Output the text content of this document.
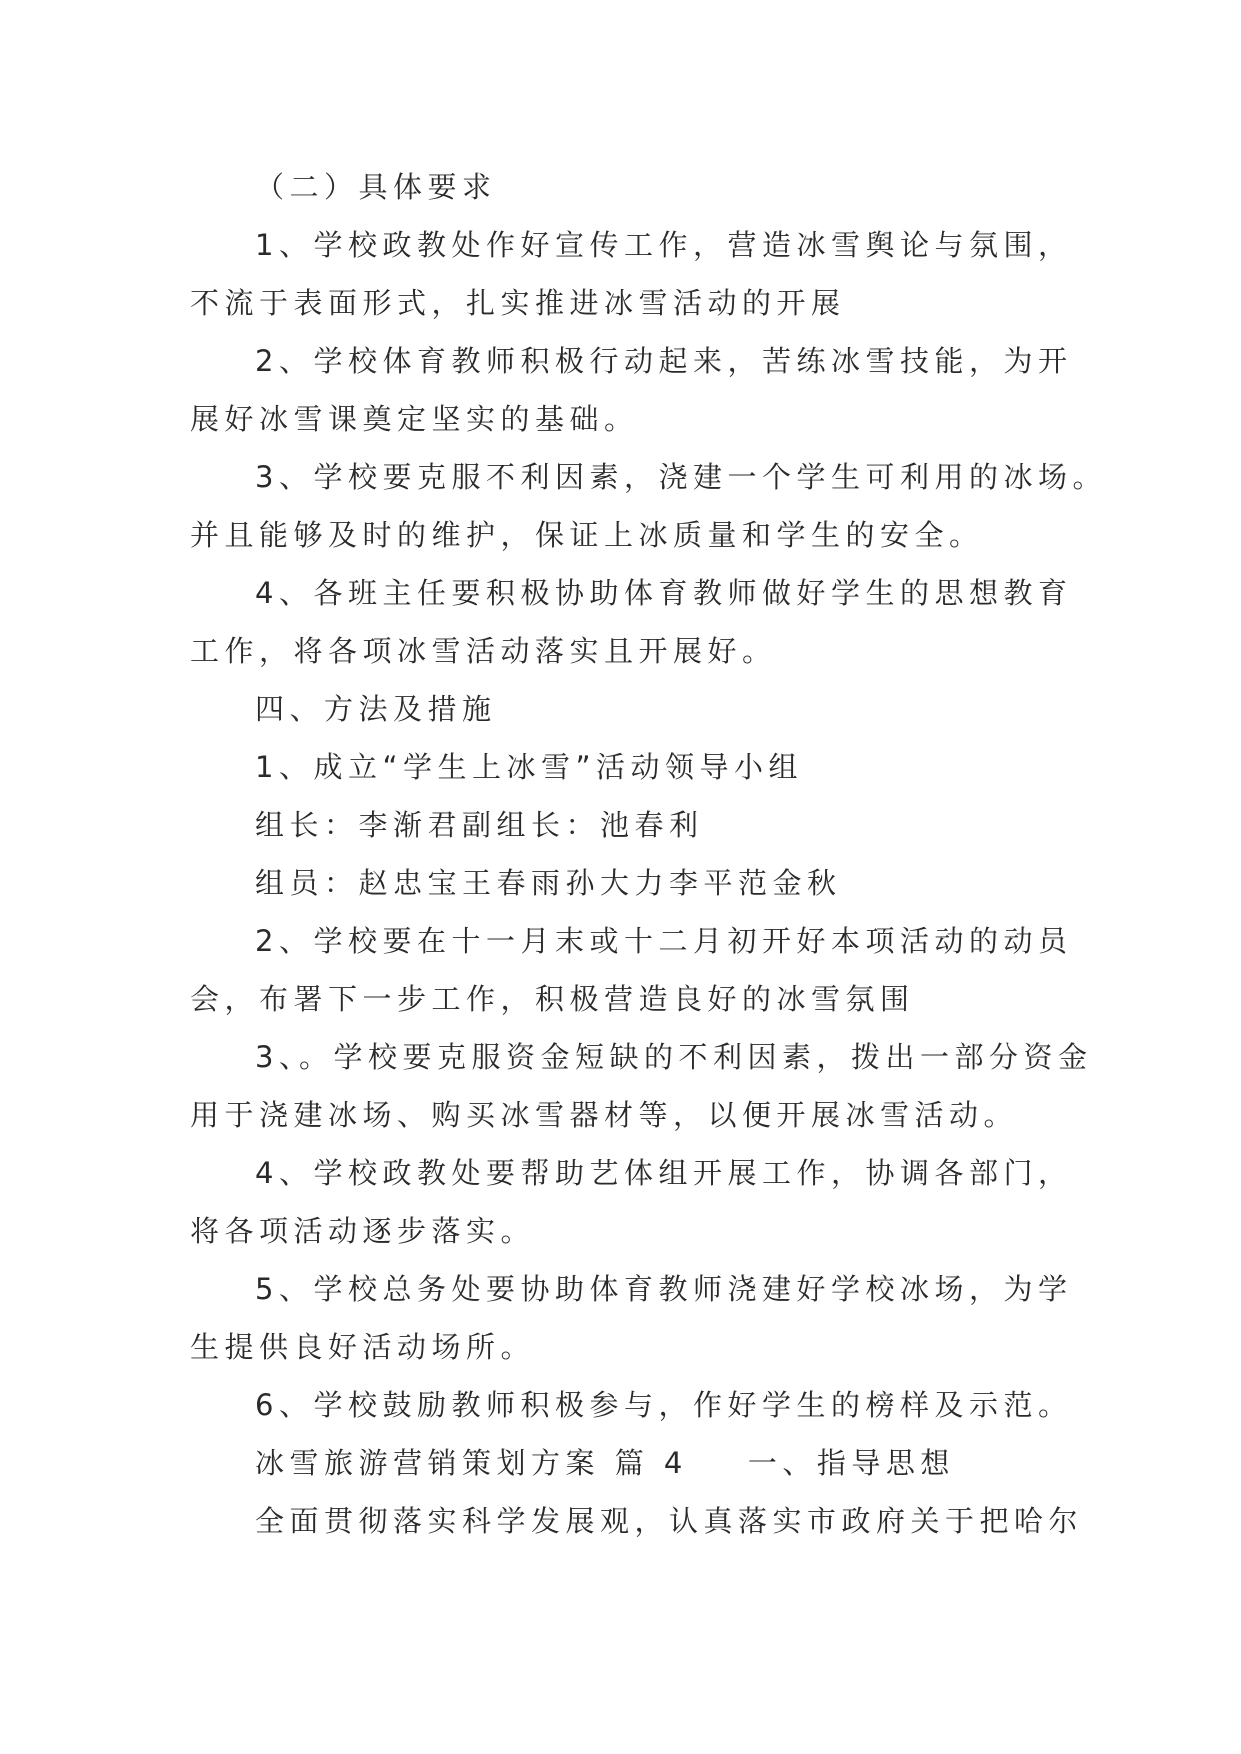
（二）具体要求

1、学校政教处作好宣传工作，营造冰雪舆论与氛围，

不流于表面形式，扎实推进冰雪活动的开展

2、学校体育教师积极行动起来，苦练冰雪技能，为开

展好冰雪课奠定坚实的基础。

3、学校要克服不利因素，浇建一个学生可利用的冰场。

并且能够及时的维护，保证上冰质量和学生的安全。

4、各班主任要积极协助体育教师做好学生的思想教育

工作，将各项冰雪活动落实且开展好。

四、方法及措施

1、成立“学生上冰雪”活动领导小组

组长：李渐君副组长：池春利

组员：赵忠宝王春雨孙大力李平范金秋

2、学校要在十一月末或十二月初开好本项活动的动员

会，布署下一步工作，积极营造良好的冰雪氛围

3、。学校要克服资金短缺的不利因素，拨出一部分资金

用于浇建冰场、购买冰雪器材等，以便开展冰雪活动。

4、学校政教处要帮助艺体组开展工作，协调各部门，

将各项活动逐步落实。

5、学校总务处要协助体育教师浇建好学校冰场，为学

生提供良好活动场所。

6、学校鼓励教师积极参与，作好学生的榜样及示范。

冰雪旅游营销策划方案 篇 4 一、指导思想

全面贯彻落实科学发展观，认真落实市政府关于把哈尔
